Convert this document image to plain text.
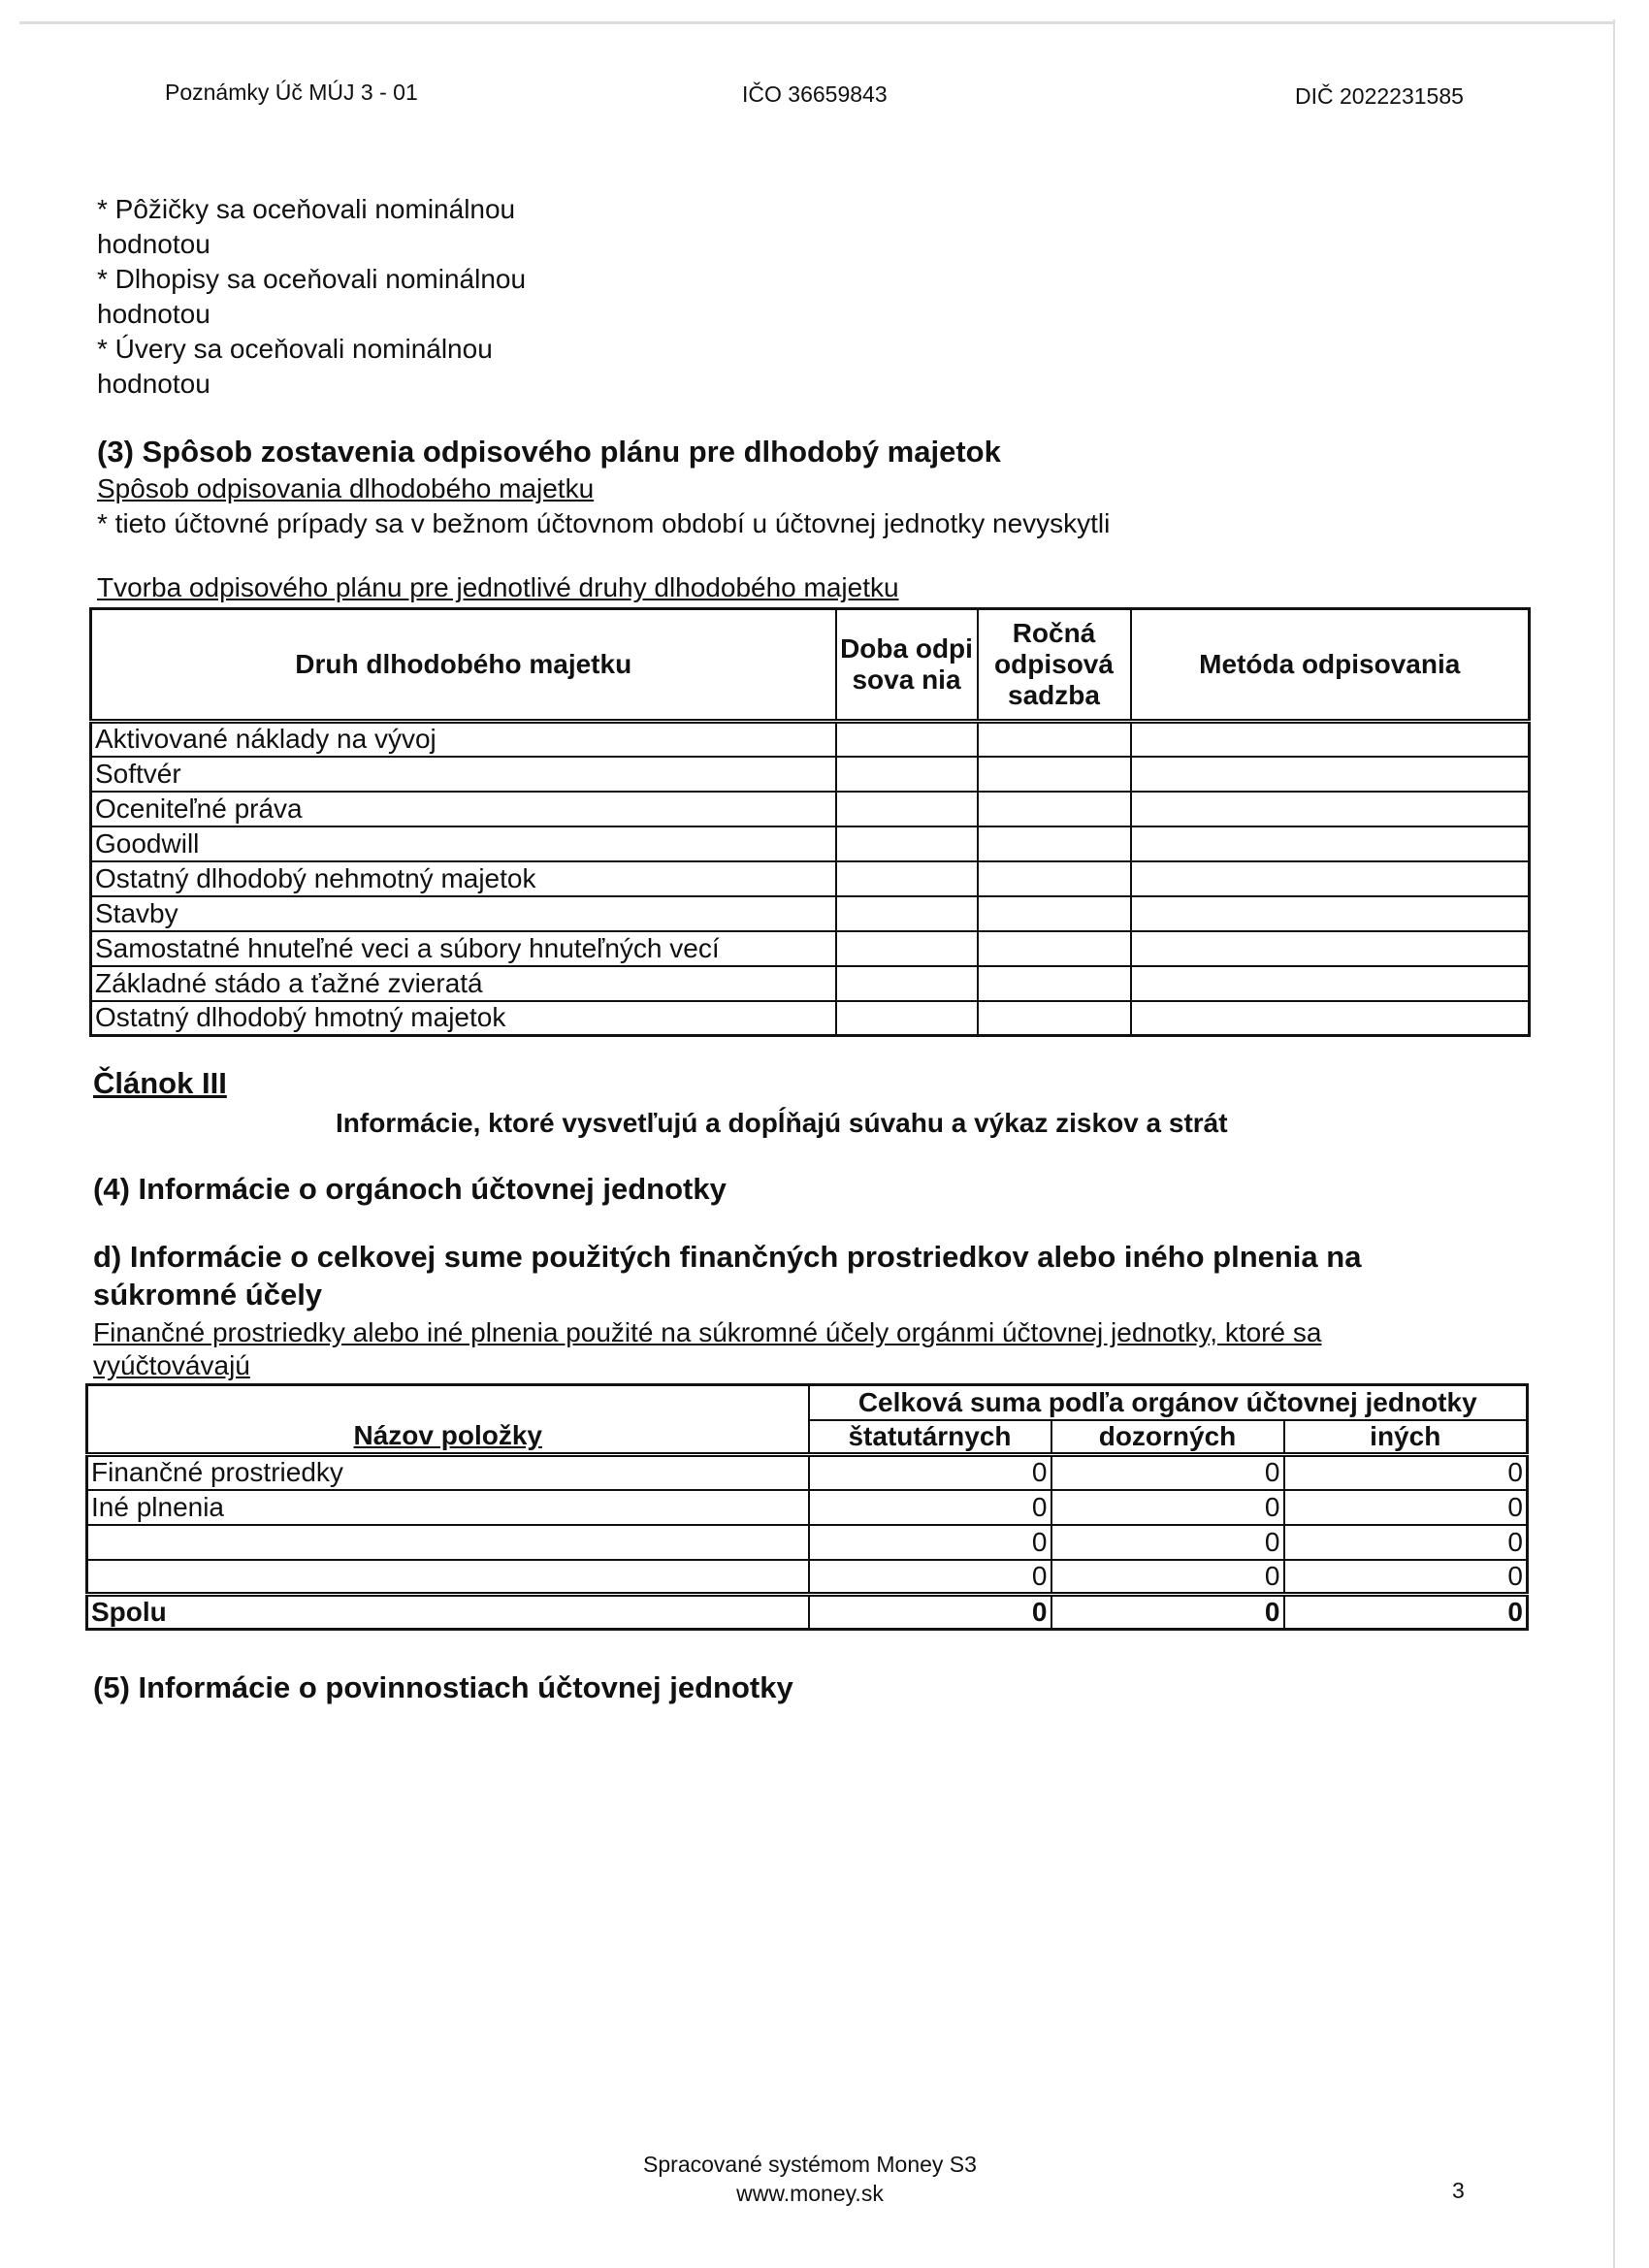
Poznámky Úč MÚJ 3 - 01	IČO 36659843	DIČ 2022231585
* Pôžičky sa oceňovali nominálnou
hodnotou
* Dlhopisy sa oceňovali nominálnou
hodnotou
* Úvery sa oceňovali nominálnou
hodnotou
(3) Spôsob zostavenia odpisového plánu pre dlhodobý majetok
Spôsob odpisovania dlhodobého majetku
* tieto účtovné prípady sa v bežnom účtovnom období u účtovnej jednotky nevyskytli
Tvorba odpisového plánu pre jednotlivé druhy dlhodobého majetku
Druh dlhodobého majetku	Doba odpisova nia	Ročná odpisová sadzba	Metóda odpisovania
Aktivované náklady na vývoj			
Softvér			
Oceniteľné práva			
Goodwill			
Ostatný dlhodobý nehmotný majetok			
Stavby			
Samostatné hnuteľné veci a súbory hnuteľných vecí			
Základné stádo a ťažné zvieratá			
Ostatný dlhodobý hmotný majetok			
Článok III
Informácie, ktoré vysvetľujú a dopĺňajú súvahu a výkaz ziskov a strát
(4) Informácie o orgánoch účtovnej jednotky
d) Informácie o celkovej sume použitých finančných prostriedkov alebo iného plnenia na
súkromné účely
Finančné prostriedky alebo iné plnenia použité na súkromné účely orgánmi účtovnej jednotky, ktoré sa
vyúčtovávajú
	Celková suma podľa orgánov účtovnej jednotky		
Názov položky	štatutárnych	dozorných	iných
Finančné prostriedky	0	0	0
Iné plnenia	0	0	0
	0	0	0
	0	0	0
Spolu	0	0	0
(5) Informácie o povinnostiach účtovnej jednotky
Spracované systémom Money S3
www.money.sk	3
